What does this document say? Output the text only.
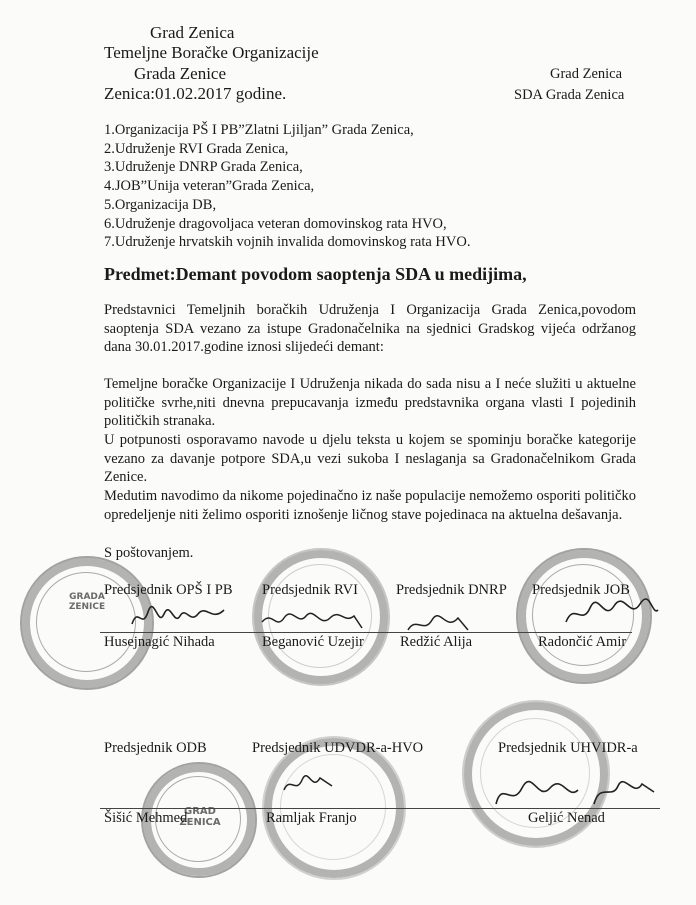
Grad Zenica
Temeljne Boračke Organizacije
Grada Zenice
Zenica:01.02.2017 godine.
Grad Zenica
SDA Grada Zenica
1.Organizacija PŠ I PB”Zlatni Ljiljan” Grada Zenica,
2.Udruženje RVI Grada Zenica,
3.Udruženje DNRP Grada Zenica,
4.JOB”Unija veteran”Grada Zenica,
5.Organizacija DB,
6.Udruženje dragovoljaca veteran domovinskog rata HVO,
7.Udruženje hrvatskih vojnih invalida domovinskog rata HVO.
Predmet:Demant povodom saoptenja SDA u medijima,
Predstavnici Temeljnih boračkih Udruženja I Organizacija Grada Zenica,povodom saoptenja SDA vezano za istupe Gradonačelnika na sjednici Gradskog vijeća održanog dana 30.01.2017.godine iznosi slijedeći demant:
Temeljne boračke Organizacije I Udruženja nikada do sada nisu a I neće služiti u aktuelne političke svrhe,niti dnevna prepucavanja između predstavnika organa vlasti I pojedinih političkih stranaka.
U potpunosti osporavamo navode u djelu teksta u kojem se spominju boračke kategorije vezano za davanje potpore SDA,u vezi sukoba I neslaganja sa Gradonačelnikom Grada Zenice.
Medutim navodimo da nikome pojedinačno iz naše populacije nemožemo osporiti političko opredeljenje niti želimo osporiti iznošenje ličnog stave pojedinaca na aktuelna dešavanja.
S poštovanjem.
GRADA ZENICE
GRAD ZENICA
Predsjednik OPŠ I PB Predsjednik RVI	Predsjednik DNRP Predsjednik JOB
Husejnagić Nihada	Beganović Uzejir Redžić Alija	Radončić Amir
Predsjednik ODB	Predsjednik UDVDR-a-HVO	Predsjednik UHVIDR-a
Šišić Mehmed	Ramljak Franjo	Geljić Nenad
